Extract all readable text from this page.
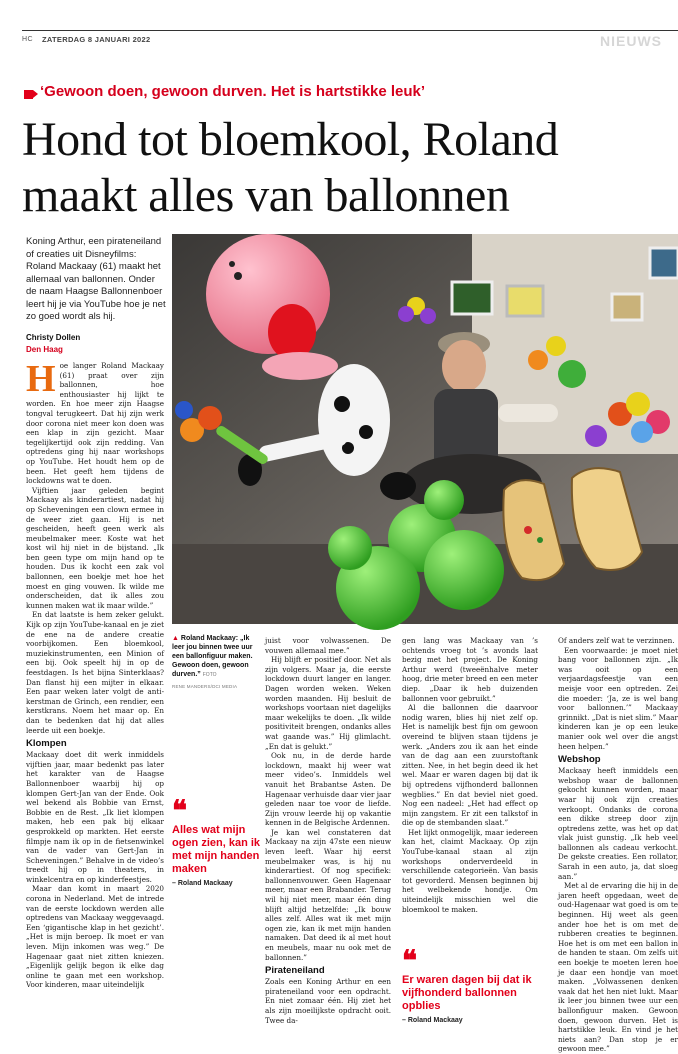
HC ZATERDAG 8 JANUARI 2022	NIEUWS
‘Gewoon doen, gewoon durven. Het is hartstikke leuk’
Hond tot bloemkool, Roland
maakt alles van ballonnen
Koning Arthur, een pirateneiland of creaties uit Disneyfilms: Roland Mackaay (61) maakt het allemaal van ballonnen. Onder de naam Haagse Ballonnenboer leert hij je via YouTube hoe je net zo goed wordt als hij.
Christy Dollen
Den Haag

Hoe langer Roland Mackaay (61) praat over zijn ballonnen, hoe enthousiaster hij lijkt te worden. En hoe meer zijn Haagse tongval terugkeert. Dat hij zijn werk door corona niet meer kon doen was een klap in zijn gezicht. Maar tegelijkertijd ook zijn redding. Van optredens ging hij naar workshops op YouTube. Het houdt hem op de been. Het geeft hem tijdens de lockdowns wat te doen.

Vijftien jaar geleden begint Mackaay als kinderartiest, nadat hij op Scheveningen een clown ermee in de weer ziet gaan. Hij is net gescheiden, heeft geen werk als meubelmaker meer. Koste wat het kost wil hij niet in de bijstand. „Ik ben geen type om mijn hand op te houden. Dus ik kocht een zak vol ballonnen, een boekje met hoe het moest en ging vouwen. Ik wilde me onderscheiden, dat ik alles zou kunnen maken wat ik maar wilde.”

En dat laatste is hem zeker gelukt. Kijk op zijn YouTube-kanaal en je ziet de ene na de andere creatie voorbijkomen. Een bloemkool, muziekinstrumenten, een Minion of een bij. Ook speelt hij in op de feestdagen. Is het bijna Sinterklaas? Dan flanst hij een mijter in elkaar. Een paar weken later volgt de anti-kerstman de Grinch, een rendier, een kerstkrans. Noem het maar op. En dan te bedenken dat hij dat alles leerde uit een boekje.

Klompen

Mackaay doet dit werk inmiddels vijftien jaar, maar bedenkt pas later het karakter van de Haagse Ballonnenboer waarbij hij op klompen Gert-Jan van der Ende. Ook wel bekend als Bobbie van Ernst, Bobbie en de Rest. „Ik liet klompen maken, heb een pak bij elkaar gesprokkeld op markten. Het eerste filmpje nam ik op in de fietsenwinkel van de vader van Gert-Jan in Scheveningen.” Behalve in de video’s treedt hij op in theaters, in winkelcentra en op kinderfeestjes.

Maar dan komt in maart 2020 corona in Nederland. Met de intrede van de eerste lockdown werden alle optredens van Mackaay weggevaagd. Een ‘gigantische klap in het gezicht’. „Het is mijn beroep. Ik moet er van leven. Mijn inkomen was weg.” De Hagenaar gaat niet zitten kniezen. „Eigenlijk gelijk begon ik elke dag online te gaan met een workshop. Voor kinderen, maar uiteindelijk

▲ Roland Mackaay: „Ik leer jou binnen twee uur een ballonfiguur maken. Gewoon doen, gewoon durven.” FOTO
RENE MANDERS/DCI MEDIA
❝
Alles wat mijn ogen zien, kan ik met mijn handen maken
– Roland Mackaay

juist voor volwassenen. De vouwen allemaal mee.”

Hij blijft er positief door. Net als zijn volgers. Maar ja, die eerste lockdown duurt langer en langer. Dagen worden weken. Weken worden maanden. Hij besluit de workshops voortaan niet dagelijks maar wekelijks te doen. „Ik wilde positiviteit brengen, ondanks alles wat gaande was.” Hij glimlacht. „En dat is gelukt.”

Ook nu, in de derde harde lockdown, maakt hij weer wat meer video’s. Inmiddels wel vanuit het Brabantse Asten. De Hagenaar verhuisde daar vier jaar geleden naar toe voor de liefde. Zijn vrouw leerde hij op vakantie kennen in de Belgische Ardennen.

Je kan wel constateren dat Mackaay na zijn 47ste een nieuw leven leeft. Waar hij eerst meubelmaker was, is hij nu kinderartiest. Of nog specifiek: ballonnenvouwer. Geen Hagenaar meer, maar een Brabander. Terug wil hij niet meer, maar één ding blijft altijd hetzelfde: „Ik bouw alles zelf. Alles wat ik met mijn ogen zie, kan ik met mijn handen namaken. Dat deed ik al met hout en meubels, maar nu ook met de ballonnen.”

Pirateneiland

Zoals een Koning Arthur en een pirateneiland voor een opdracht. En niet zomaar één. Hij ziet het als zijn moeilijkste opdracht ooit. Twee da-

gen lang was Mackaay van ’s ochtends vroeg tot ’s avonds laat bezig met het project. De Koning Arthur werd (tweeënhalve meter hoog, drie meter breed en een meter diep. „Daar ik heb duizenden ballonnen voor gebruikt.”

Al die ballonnen die daarvoor nodig waren, blies hij niet zelf op. Het is namelijk best fijn om gewoon overeind te blijven staan tijdens je werk. „Anders zou ik aan het einde van de dag aan een zuurstoftank zitten. Nee, in het begin deed ik het wel. Maar er waren dagen bij dat ik bij optredens vijfhonderd ballonnen wegblies.” En dat beviel niet goed. Nog een nadeel: „Het had effect op mijn zangstem. Er zit een talkstof in die op de stembanden slaat.”

Het lijkt onmogelijk, maar iedereen kan het, claimt Mackaay. Op zijn YouTube-kanaal staan al zijn workshops onderverdeeld in verschillende categorieën. Van basis tot gevorderd. Mensen beginnen bij het welbekende hondje. Om uiteindelijk misschien wel die bloemkool te maken.

❝
Er waren dagen bij dat ik vijfhonderd ballonnen opblies
– Roland Mackaay

Of anders zelf wat te verzinnen.

Een voorwaarde: je moet niet bang voor ballonnen zijn. „Ik was ooit op een verjaardagsfeestje van een meisje voor een optreden. Zei die moeder: ‘Ja, ze is wel bang voor ballonnen.’” Mackaay grinnikt. „Dat is niet slim.” Maar kinderen kan je op een leuke manier ook wel over die angst heen helpen.”

Webshop

Mackaay heeft inmiddels een webshop waar de ballonnen gekocht kunnen worden, maar waar hij ook zijn creaties verkoopt. Ondanks de corona een dikke streep door zijn optredens zette, was het op dat vlak juist gunstig. „Ik heb veel ballonnen als cadeau verkocht. De gekste creaties. Een rollator, Sarah in een auto, ja, dat sloeg aan.”

Met al de ervaring die hij in de jaren heeft opgedaan, weet de oud-Hagenaar wat goed is om te beginnen. Hij weet als geen ander hoe het is om met de rubberen creaties te beginnen. Hoe het is om met een ballon in de handen te staan. Om zelfs uit een boekje te moeten leren hoe je daar een hondje van moet maken. „Volwassenen denken vaak dat het hen niet lukt. Maar ik leer jou binnen twee uur een ballonfiguur maken. Gewoon doen, gewoon durven. Het is hartstikke leuk. En vind je het niets aan? Dan stop je er gewoon mee.”
